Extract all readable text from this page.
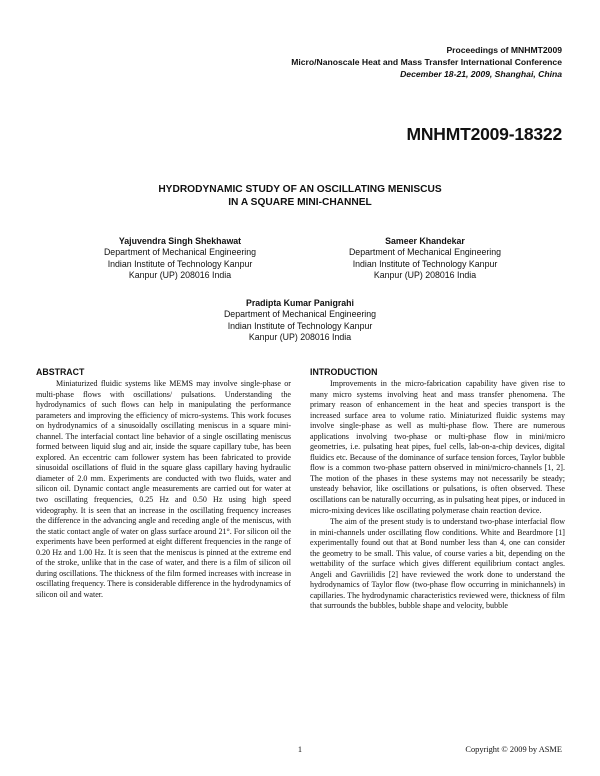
Proceedings of MNHMT2009
Micro/Nanoscale Heat and Mass Transfer International Conference
December 18-21, 2009, Shanghai, China
MNHMT2009-18322
HYDRODYNAMIC STUDY OF AN OSCILLATING MENISCUS
IN A SQUARE MINI-CHANNEL
Yajuvendra Singh Shekhawat
Department of Mechanical Engineering
Indian Institute of Technology Kanpur
Kanpur (UP) 208016 India
Sameer Khandekar
Department of Mechanical Engineering
Indian Institute of Technology Kanpur
Kanpur (UP) 208016 India
Pradipta Kumar Panigrahi
Department of Mechanical Engineering
Indian Institute of Technology Kanpur
Kanpur (UP) 208016 India
ABSTRACT

Miniaturized fluidic systems like MEMS may involve single-phase or multi-phase flows with oscillations/ pulsations. Understanding the hydrodynamics of such flows can help in manipulating the performance parameters and improving the efficiency of micro-systems. This work focuses on hydrodynamics of a sinusoidally oscillating meniscus in a square mini-channel. The interfacial contact line behavior of a single oscillating meniscus formed between liquid slug and air, inside the square capillary tube, has been explored. An eccentric cam follower system has been fabricated to provide sinusoidal oscillations of fluid in the square glass capillary having hydraulic diameter of 2.0 mm. Experiments are conducted with two fluids, water and silicon oil. Dynamic contact angle measurements are carried out for water at two oscillating frequencies, 0.25 Hz and 0.50 Hz using high speed videography. It is seen that an increase in the oscillating frequency increases the difference in the advancing angle and receding angle of the meniscus, with the static contact angle of water on glass surface around 21°. For silicon oil the experiments have been performed at eight different frequencies in the range of 0.20 Hz and 1.00 Hz. It is seen that the meniscus is pinned at the extreme end of the stroke, unlike that in the case of water, and there is a film of silicon oil during oscillations. The thickness of the film formed increases with increase in oscillating frequency. There is considerable difference in the hydrodynamics of silicon oil and water.

INTRODUCTION

Improvements in the micro-fabrication capability have given rise to many micro systems involving heat and mass transfer phenomena. The primary reason of enhancement in the heat and species transport is the increased surface area to volume ratio. Miniaturized fluidic systems may involve single-phase as well as multi-phase flow. There are numerous applications involving two-phase or multi-phase flow in mini/micro geometries, i.e. pulsating heat pipes, fuel cells, lab-on-a-chip devices, digital fluidics etc. Because of the dominance of surface tension forces, Taylor bubble flow is a common two-phase pattern observed in mini/micro-channels [1, 2]. The motion of the phases in these systems may not necessarily be steady; unsteady behavior, like oscillations or pulsations, is often observed. These oscillations can be naturally occurring, as in pulsating heat pipes, or induced in micro-mixing devices like oscillating polymerase chain reaction device.

The aim of the present study is to understand two-phase interfacial flow in mini-channels under oscillating flow conditions. White and Beardmore [1] experimentally found out that at Bond number less than 4, one can consider the geometry to be small. This value, of course varies a bit, depending on the wettability of the surface which gives different equilibrium contact angles. Angeli and Gavriilidis [2] have reviewed the work done to understand the hydrodynamics of Taylor flow (two-phase flow occurring in minichannels) in capillaries. The hydrodynamic characteristics reviewed were, thickness of film that surrounds the bubbles, bubble shape and velocity, bubble

1	Copyright © 2009 by ASME
